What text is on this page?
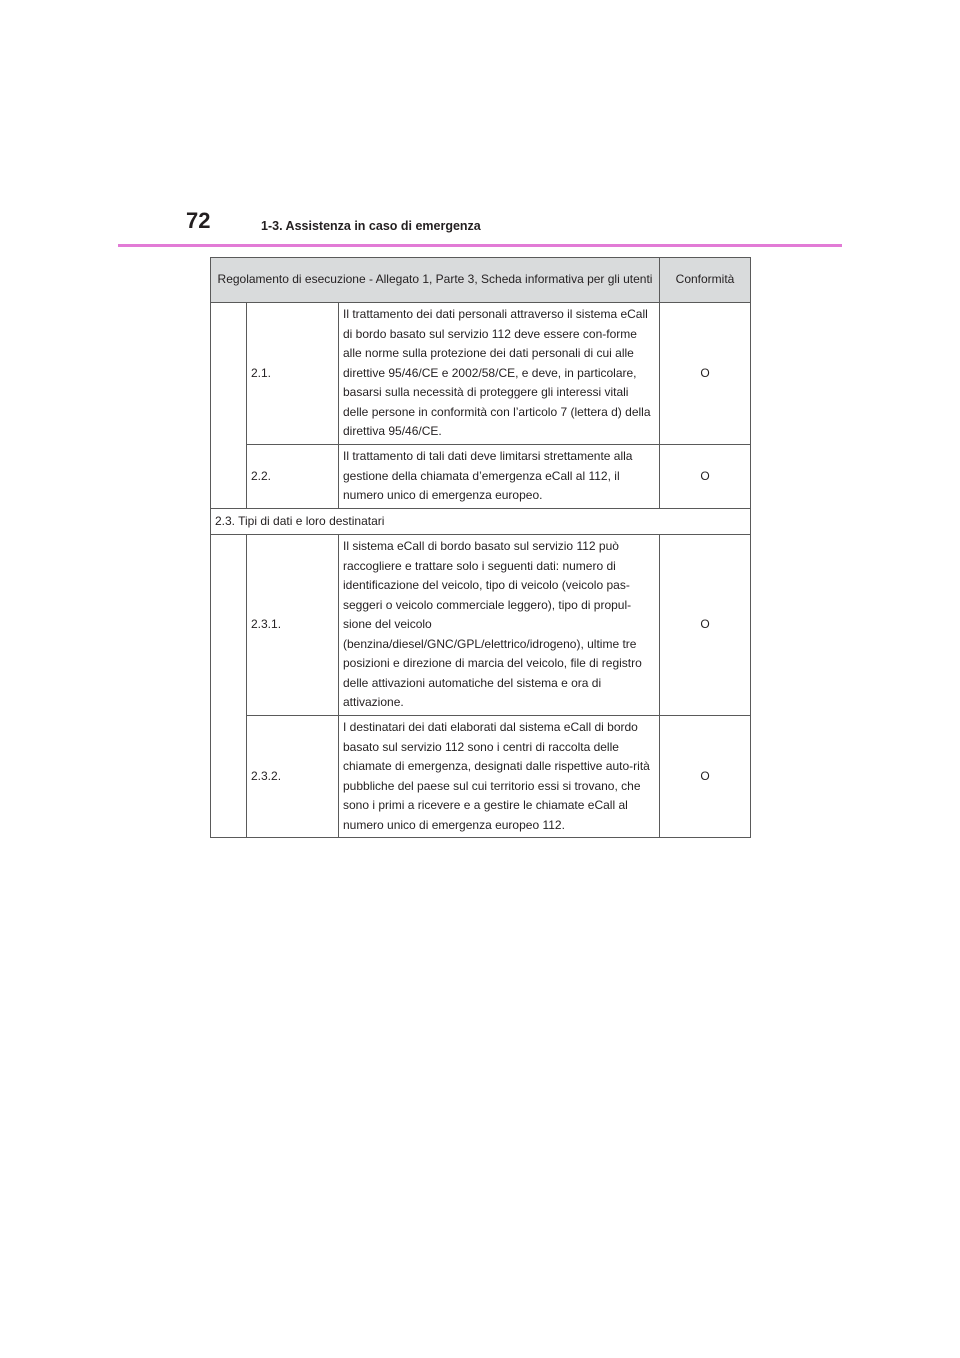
72	1-3. Assistenza in caso di emergenza
Regolamento di esecuzione - Allegato 1, Parte 3, Scheda informativa per gli utenti			Conformità
	2.1.	Il trattamento dei dati personali attraverso il sistema eCall di bordo basato sul servizio 112 deve essere con-forme alle norme sulla protezione dei dati personali di cui alle direttive 95/46/CE e 2002/58/CE, e deve, in particolare, basarsi sulla necessità di proteggere gli interessi vitali delle persone in conformità con l’articolo 7 (lettera d) della direttiva 95/46/CE.	O
	2.2.	Il trattamento di tali dati deve limitarsi strettamente alla gestione della chiamata d’emergenza eCall al 112, il numero unico di emergenza europeo.	O
2.3. Tipi di dati e loro destinatari			
	2.3.1.	Il sistema eCall di bordo basato sul servizio 112 può raccogliere e trattare solo i seguenti dati: numero di identificazione del veicolo, tipo di veicolo (veicolo pas-seggeri o veicolo commerciale leggero), tipo di propul-sione del veicolo (benzina/diesel/GNC/GPL/elettrico/idrogeno), ultime tre posizioni e direzione di marcia del veicolo, file di registro delle attivazioni automatiche del sistema e ora di attivazione.	O
	2.3.2.	I destinatari dei dati elaborati dal sistema eCall di bordo basato sul servizio 112 sono i centri di raccolta delle chiamate di emergenza, designati dalle rispettive auto-rità pubbliche del paese sul cui territorio essi si trovano, che sono i primi a ricevere e a gestire le chiamate eCall al numero unico di emergenza europeo 112.	O
